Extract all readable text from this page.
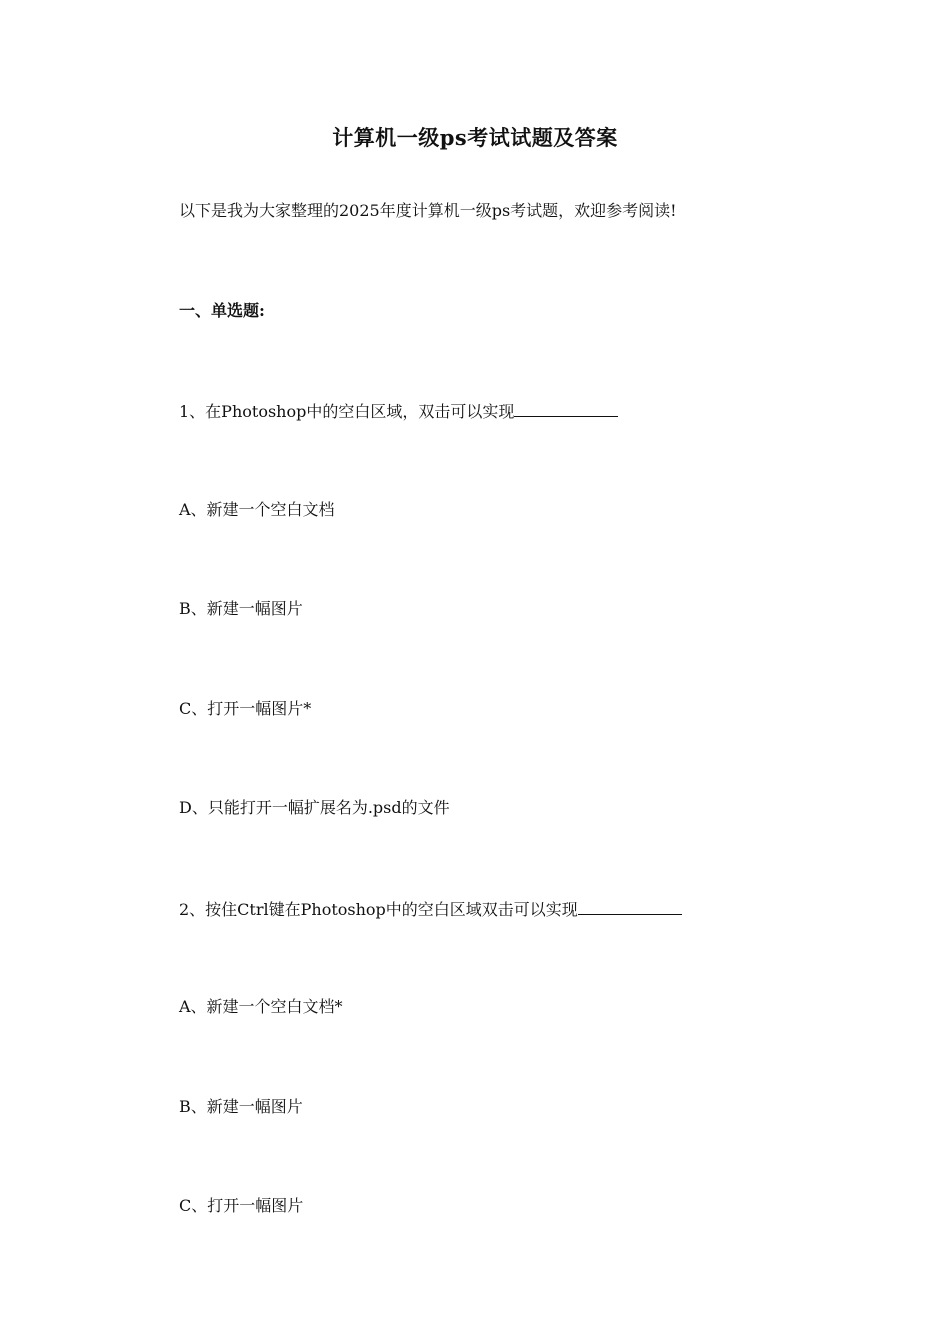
计算机一级ps考试试题及答案
以下是我为大家整理的2025年度计算机一级ps考试题，欢迎参考阅读!
一、单选题:
1、在Photoshop中的空白区域，双击可以实现
A、新建一个空白文档
B、新建一幅图片
C、打开一幅图片*
D、只能打开一幅扩展名为.psd的文件
2、按住Ctrl键在Photoshop中的空白区域双击可以实现
A、新建一个空白文档*
B、新建一幅图片
C、打开一幅图片
